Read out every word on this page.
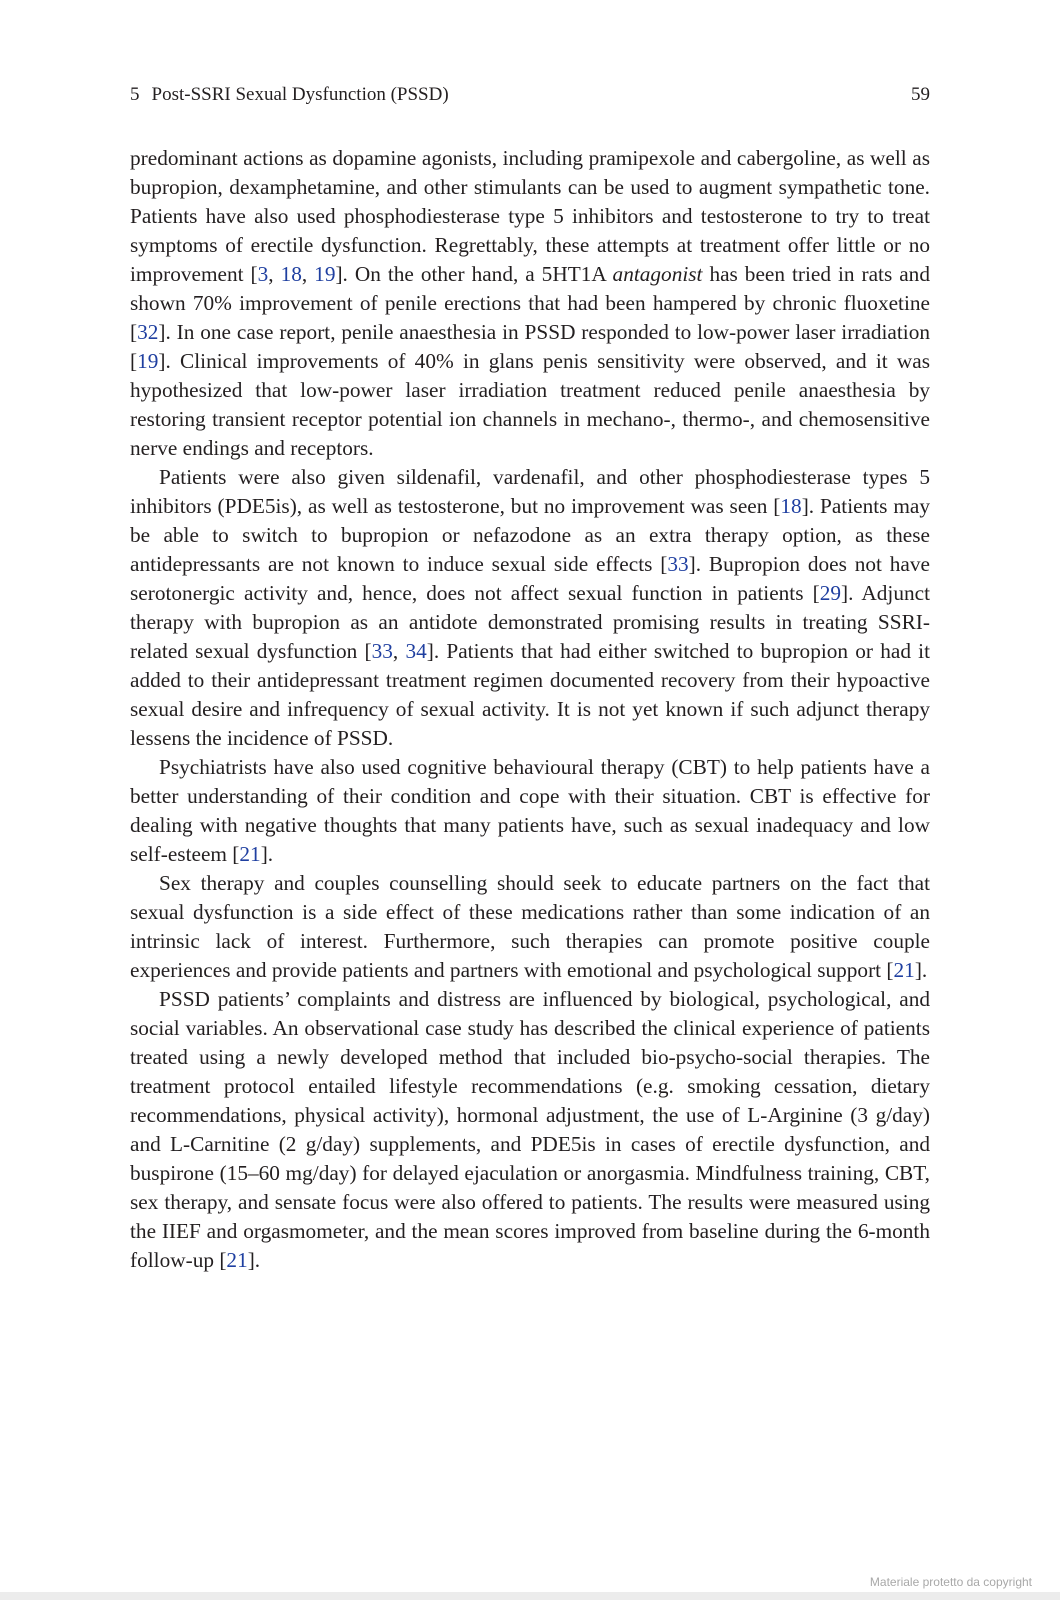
5 Post-SSRI Sexual Dysfunction (PSSD)	59

predominant actions as dopamine agonists, including pramipexole and cabergoline, as well as bupropion, dexamphetamine, and other stimulants can be used to augment sympathetic tone. Patients have also used phosphodiesterase type 5 inhibitors and testosterone to try to treat symptoms of erectile dysfunction. Regrettably, these attempts at treatment offer little or no improvement [3, 18, 19]. On the other hand, a 5HT1A antagonist has been tried in rats and shown 70% improvement of penile erections that had been hampered by chronic fluoxetine [32]. In one case report, penile anaesthesia in PSSD responded to low-power laser irradiation [19]. Clinical improvements of 40% in glans penis sensitivity were observed, and it was hypothesized that low-power laser irradiation treatment reduced penile anaesthesia by restoring transient receptor potential ion channels in mechano-, thermo-, and chemosensitive nerve endings and receptors.

Patients were also given sildenafil, vardenafil, and other phosphodiesterase types 5 inhibitors (PDE5is), as well as testosterone, but no improvement was seen [18]. Patients may be able to switch to bupropion or nefazodone as an extra therapy option, as these antidepressants are not known to induce sexual side effects [33]. Bupropion does not have serotonergic activity and, hence, does not affect sexual function in patients [29]. Adjunct therapy with bupropion as an antidote demonstrated promising results in treating SSRI-related sexual dysfunction [33, 34]. Patients that had either switched to bupropion or had it added to their antidepressant treatment regimen documented recovery from their hypoactive sexual desire and infrequency of sexual activity. It is not yet known if such adjunct therapy lessens the incidence of PSSD.

Psychiatrists have also used cognitive behavioural therapy (CBT) to help patients have a better understanding of their condition and cope with their situation. CBT is effective for dealing with negative thoughts that many patients have, such as sexual inadequacy and low self-esteem [21].

Sex therapy and couples counselling should seek to educate partners on the fact that sexual dysfunction is a side effect of these medications rather than some indication of an intrinsic lack of interest. Furthermore, such therapies can promote positive couple experiences and provide patients and partners with emotional and psychological support [21].

PSSD patients’ complaints and distress are influenced by biological, psychological, and social variables. An observational case study has described the clinical experience of patients treated using a newly developed method that included bio-psycho-social therapies. The treatment protocol entailed lifestyle recommendations (e.g. smoking cessation, dietary recommendations, physical activity), hormonal adjustment, the use of L-Arginine (3 g/day) and L-Carnitine (2 g/day) supplements, and PDE5is in cases of erectile dysfunction, and buspirone (15–60 mg/day) for delayed ejaculation or anorgasmia. Mindfulness training, CBT, sex therapy, and sensate focus were also offered to patients. The results were measured using the IIEF and orgasmometer, and the mean scores improved from baseline during the 6-month follow-up [21].

Materiale protetto da copyright
